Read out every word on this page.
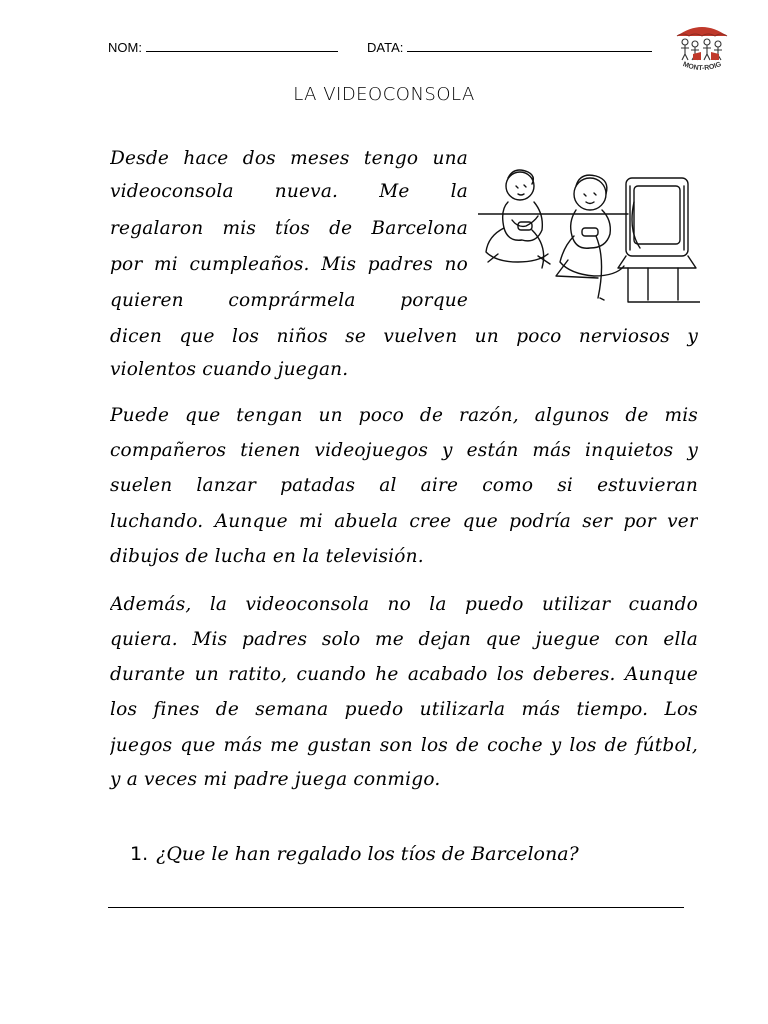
NOM:	DATA:
MONT-ROIG
LA VIDEOCONSOLA
Desde hace dos meses tengo una
videoconsola nueva. Me la
regalaron mis tíos de Barcelona
por mi cumpleaños. Mis padres no
quieren comprármela porque
dicen que los niños se vuelven un poco nerviosos y
violentos cuando juegan.
Puede que tengan un poco de razón, algunos de mis
compañeros tienen videojuegos y están más inquietos y
suelen lanzar patadas al aire como si estuvieran
luchando. Aunque mi abuela cree que podría ser por ver
dibujos de lucha en la televisión.
Además, la videoconsola no la puedo utilizar cuando
quiera. Mis padres solo me dejan que juegue con ella
durante un ratito, cuando he acabado los deberes. Aunque
los fines de semana puedo utilizarla más tiempo. Los
juegos que más me gustan son los de coche y los de fútbol,
y a veces mi padre juega conmigo.
1. ¿Que le han regalado los tíos de Barcelona?
